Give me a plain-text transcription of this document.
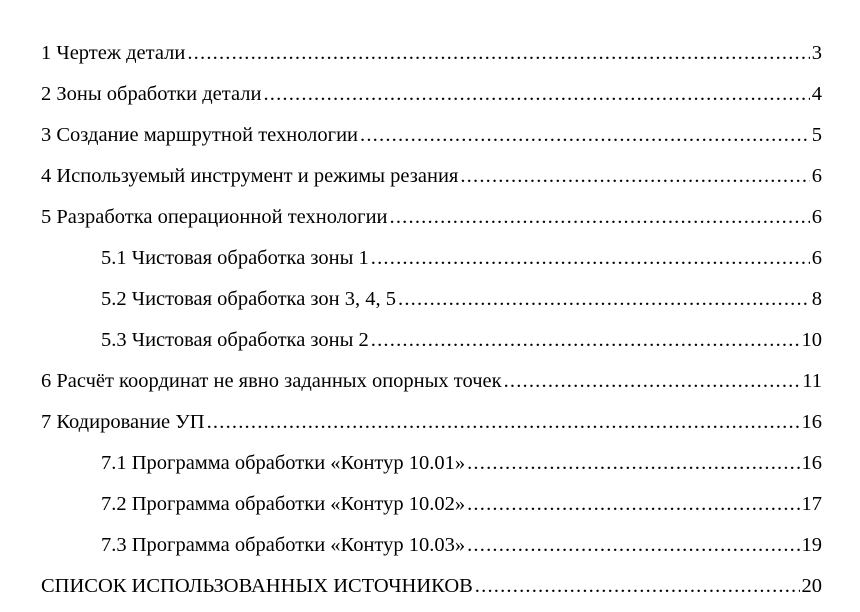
1 Чертеж детали .....	3
2 Зоны обработки детали .....	4
3 Создание маршрутной технологии .....	5
4 Используемый инструмент и режимы резания .....	6
5 Разработка операционной технологии .....	6
5.1 Чистовая обработка зоны 1 .....	6
5.2 Чистовая обработка зон 3, 4, 5 .....	8
5.3 Чистовая обработка зоны 2 .....	10
6 Расчёт координат не явно заданных опорных точек .....	11
7 Кодирование УП .....	16
7.1 Программа обработки «Контур 10.01» .....	16
7.2 Программа обработки «Контур 10.02» .....	17
7.3 Программа обработки «Контур 10.03» .....	19
СПИСОК ИСПОЛЬЗОВАННЫХ ИСТОЧНИКОВ .....	20
